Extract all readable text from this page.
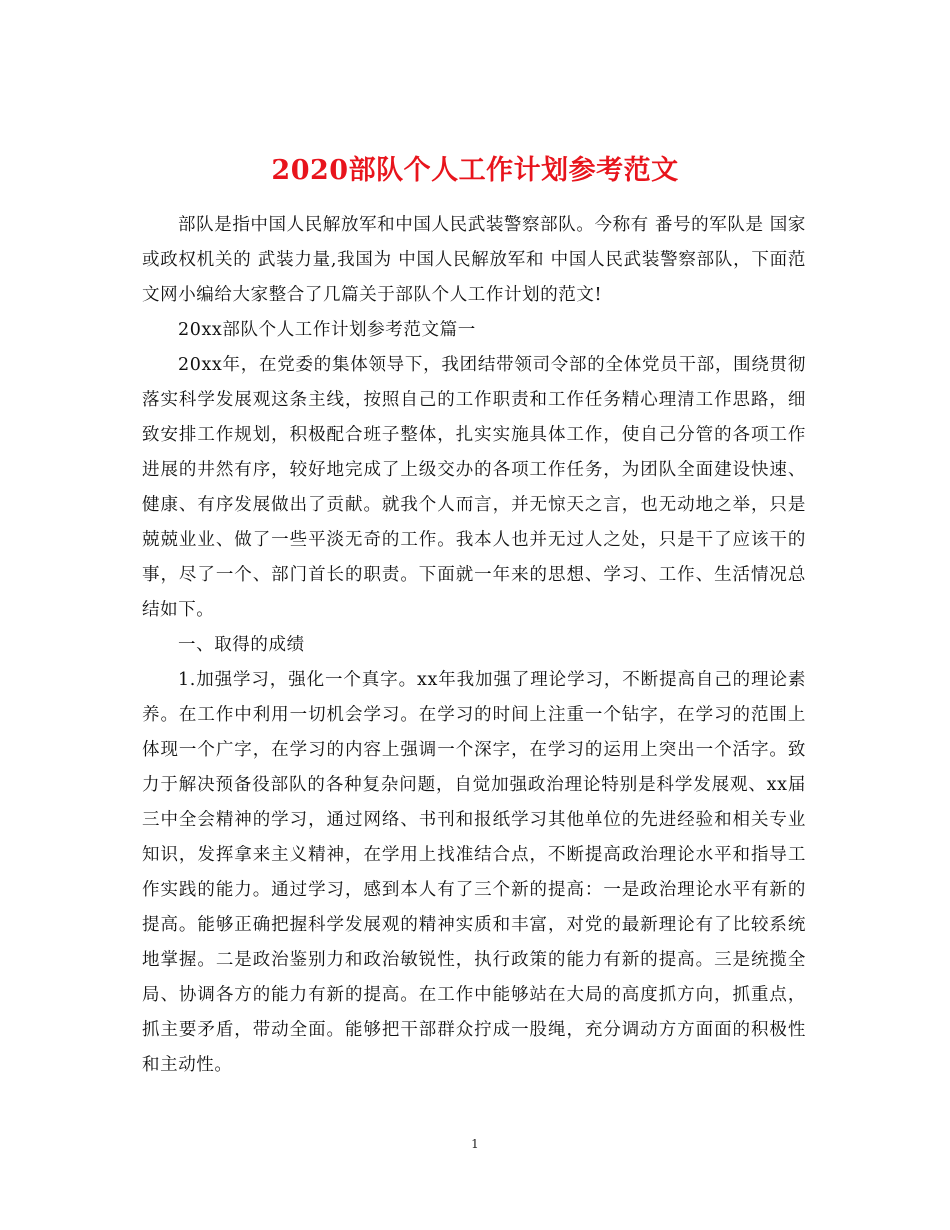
2020部队个人工作计划参考范文

部队是指中国人民解放军和中国人民武装警察部队。今称有 番号的军队是 国家或政权机关的 武装力量,我国为 中国人民解放军和 中国人民武装警察部队，下面范文网小编给大家整合了几篇关于部队个人工作计划的范文!

20xx部队个人工作计划参考范文篇一

20xx年，在党委的集体领导下，我团结带领司令部的全体党员干部，围绕贯彻落实科学发展观这条主线，按照自己的工作职责和工作任务精心理清工作思路，细致安排工作规划，积极配合班子整体，扎实实施具体工作，使自己分管的各项工作进展的井然有序，较好地完成了上级交办的各项工作任务，为团队全面建设快速、健康、有序发展做出了贡献。就我个人而言，并无惊天之言，也无动地之举，只是兢兢业业、做了一些平淡无奇的工作。我本人也并无过人之处，只是干了应该干的事，尽了一个、部门首长的职责。下面就一年来的思想、学习、工作、生活情况总结如下。

一、取得的成绩

1.加强学习，强化一个真字。xx年我加强了理论学习，不断提高自己的理论素养。在工作中利用一切机会学习。在学习的时间上注重一个钻字，在学习的范围上体现一个广字，在学习的内容上强调一个深字，在学习的运用上突出一个活字。致力于解决预备役部队的各种复杂问题，自觉加强政治理论特别是科学发展观、xx届三中全会精神的学习，通过网络、书刊和报纸学习其他单位的先进经验和相关专业知识，发挥拿来主义精神，在学用上找准结合点，不断提高政治理论水平和指导工作实践的能力。通过学习，感到本人有了三个新的提高：一是政治理论水平有新的提高。能够正确把握科学发展观的精神实质和丰富，对党的最新理论有了比较系统地掌握。二是政治鉴别力和政治敏锐性，执行政策的能力有新的提高。三是统揽全局、协调各方的能力有新的提高。在工作中能够站在大局的高度抓方向，抓重点，抓主要矛盾，带动全面。能够把干部群众拧成一股绳，充分调动方方面面的积极性和主动性。

1
